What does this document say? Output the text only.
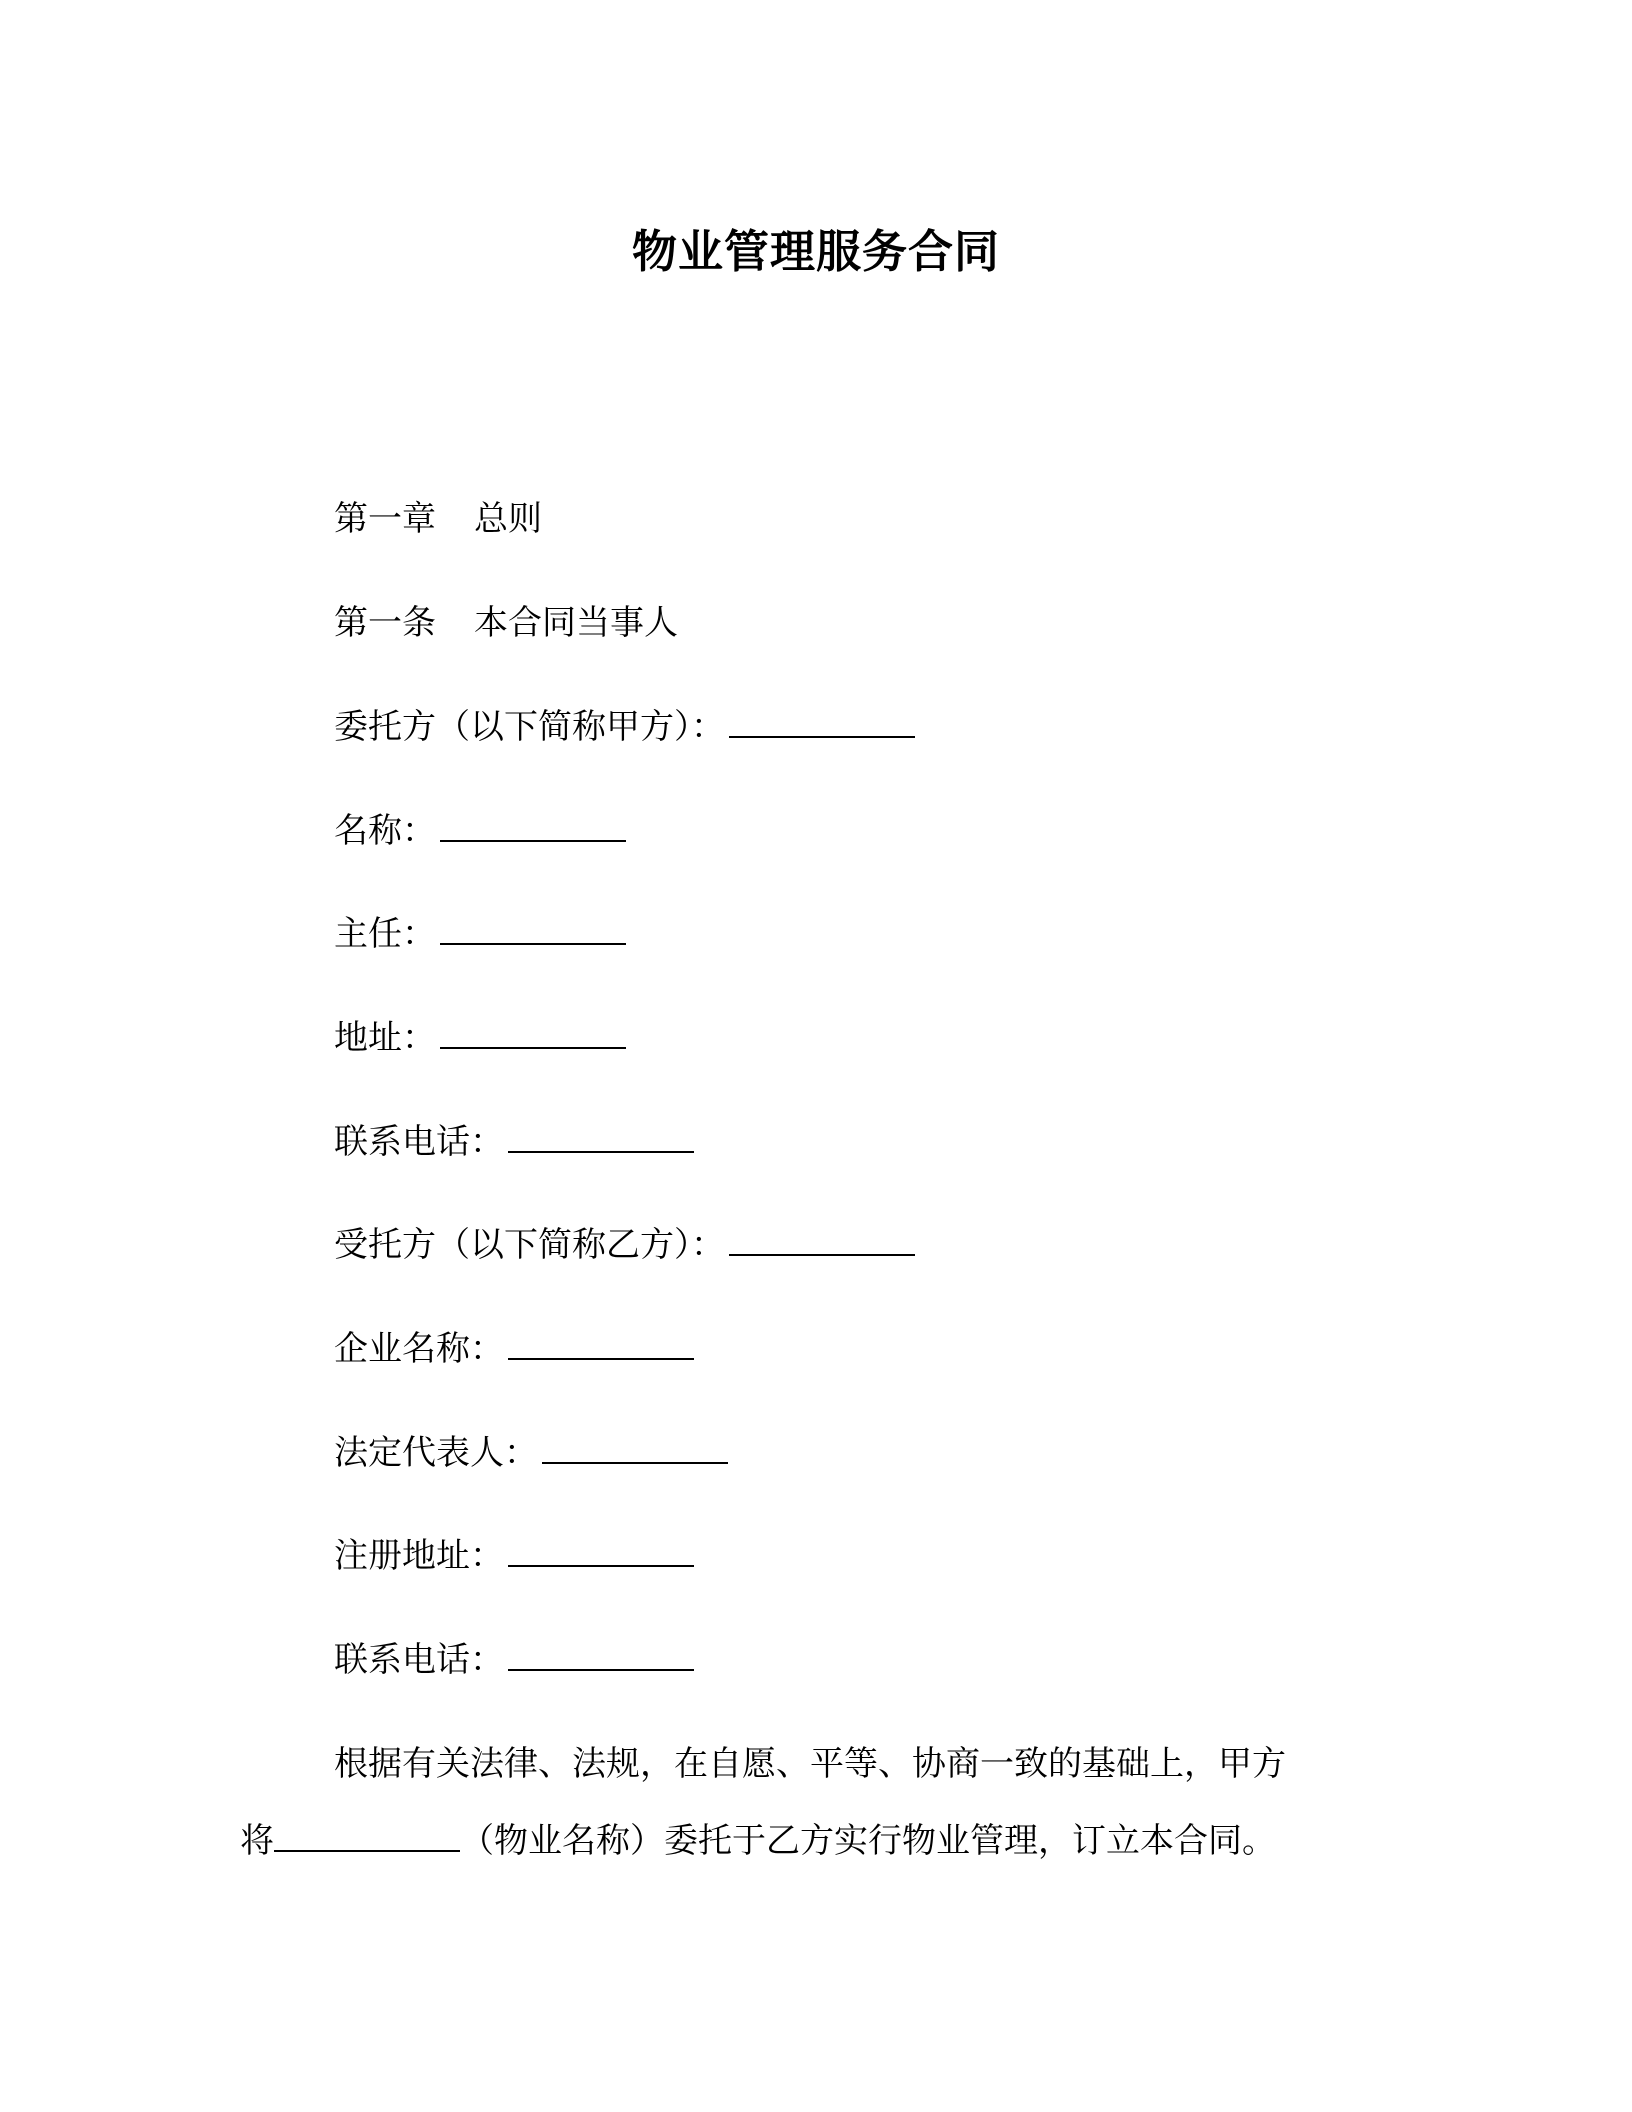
物业管理服务合同

第一章 总则

第一条 本合同当事人

委托方（以下简称甲方）：

名称：

主任：

地址：

联系电话：

受托方（以下简称乙方）：

企业名称：

法定代表人：

注册地址：

联系电话：

根据有关法律、法规，在自愿、平等、协商一致的基础上，甲方
将	（物业名称）委托于乙方实行物业管理，订立本合同。
